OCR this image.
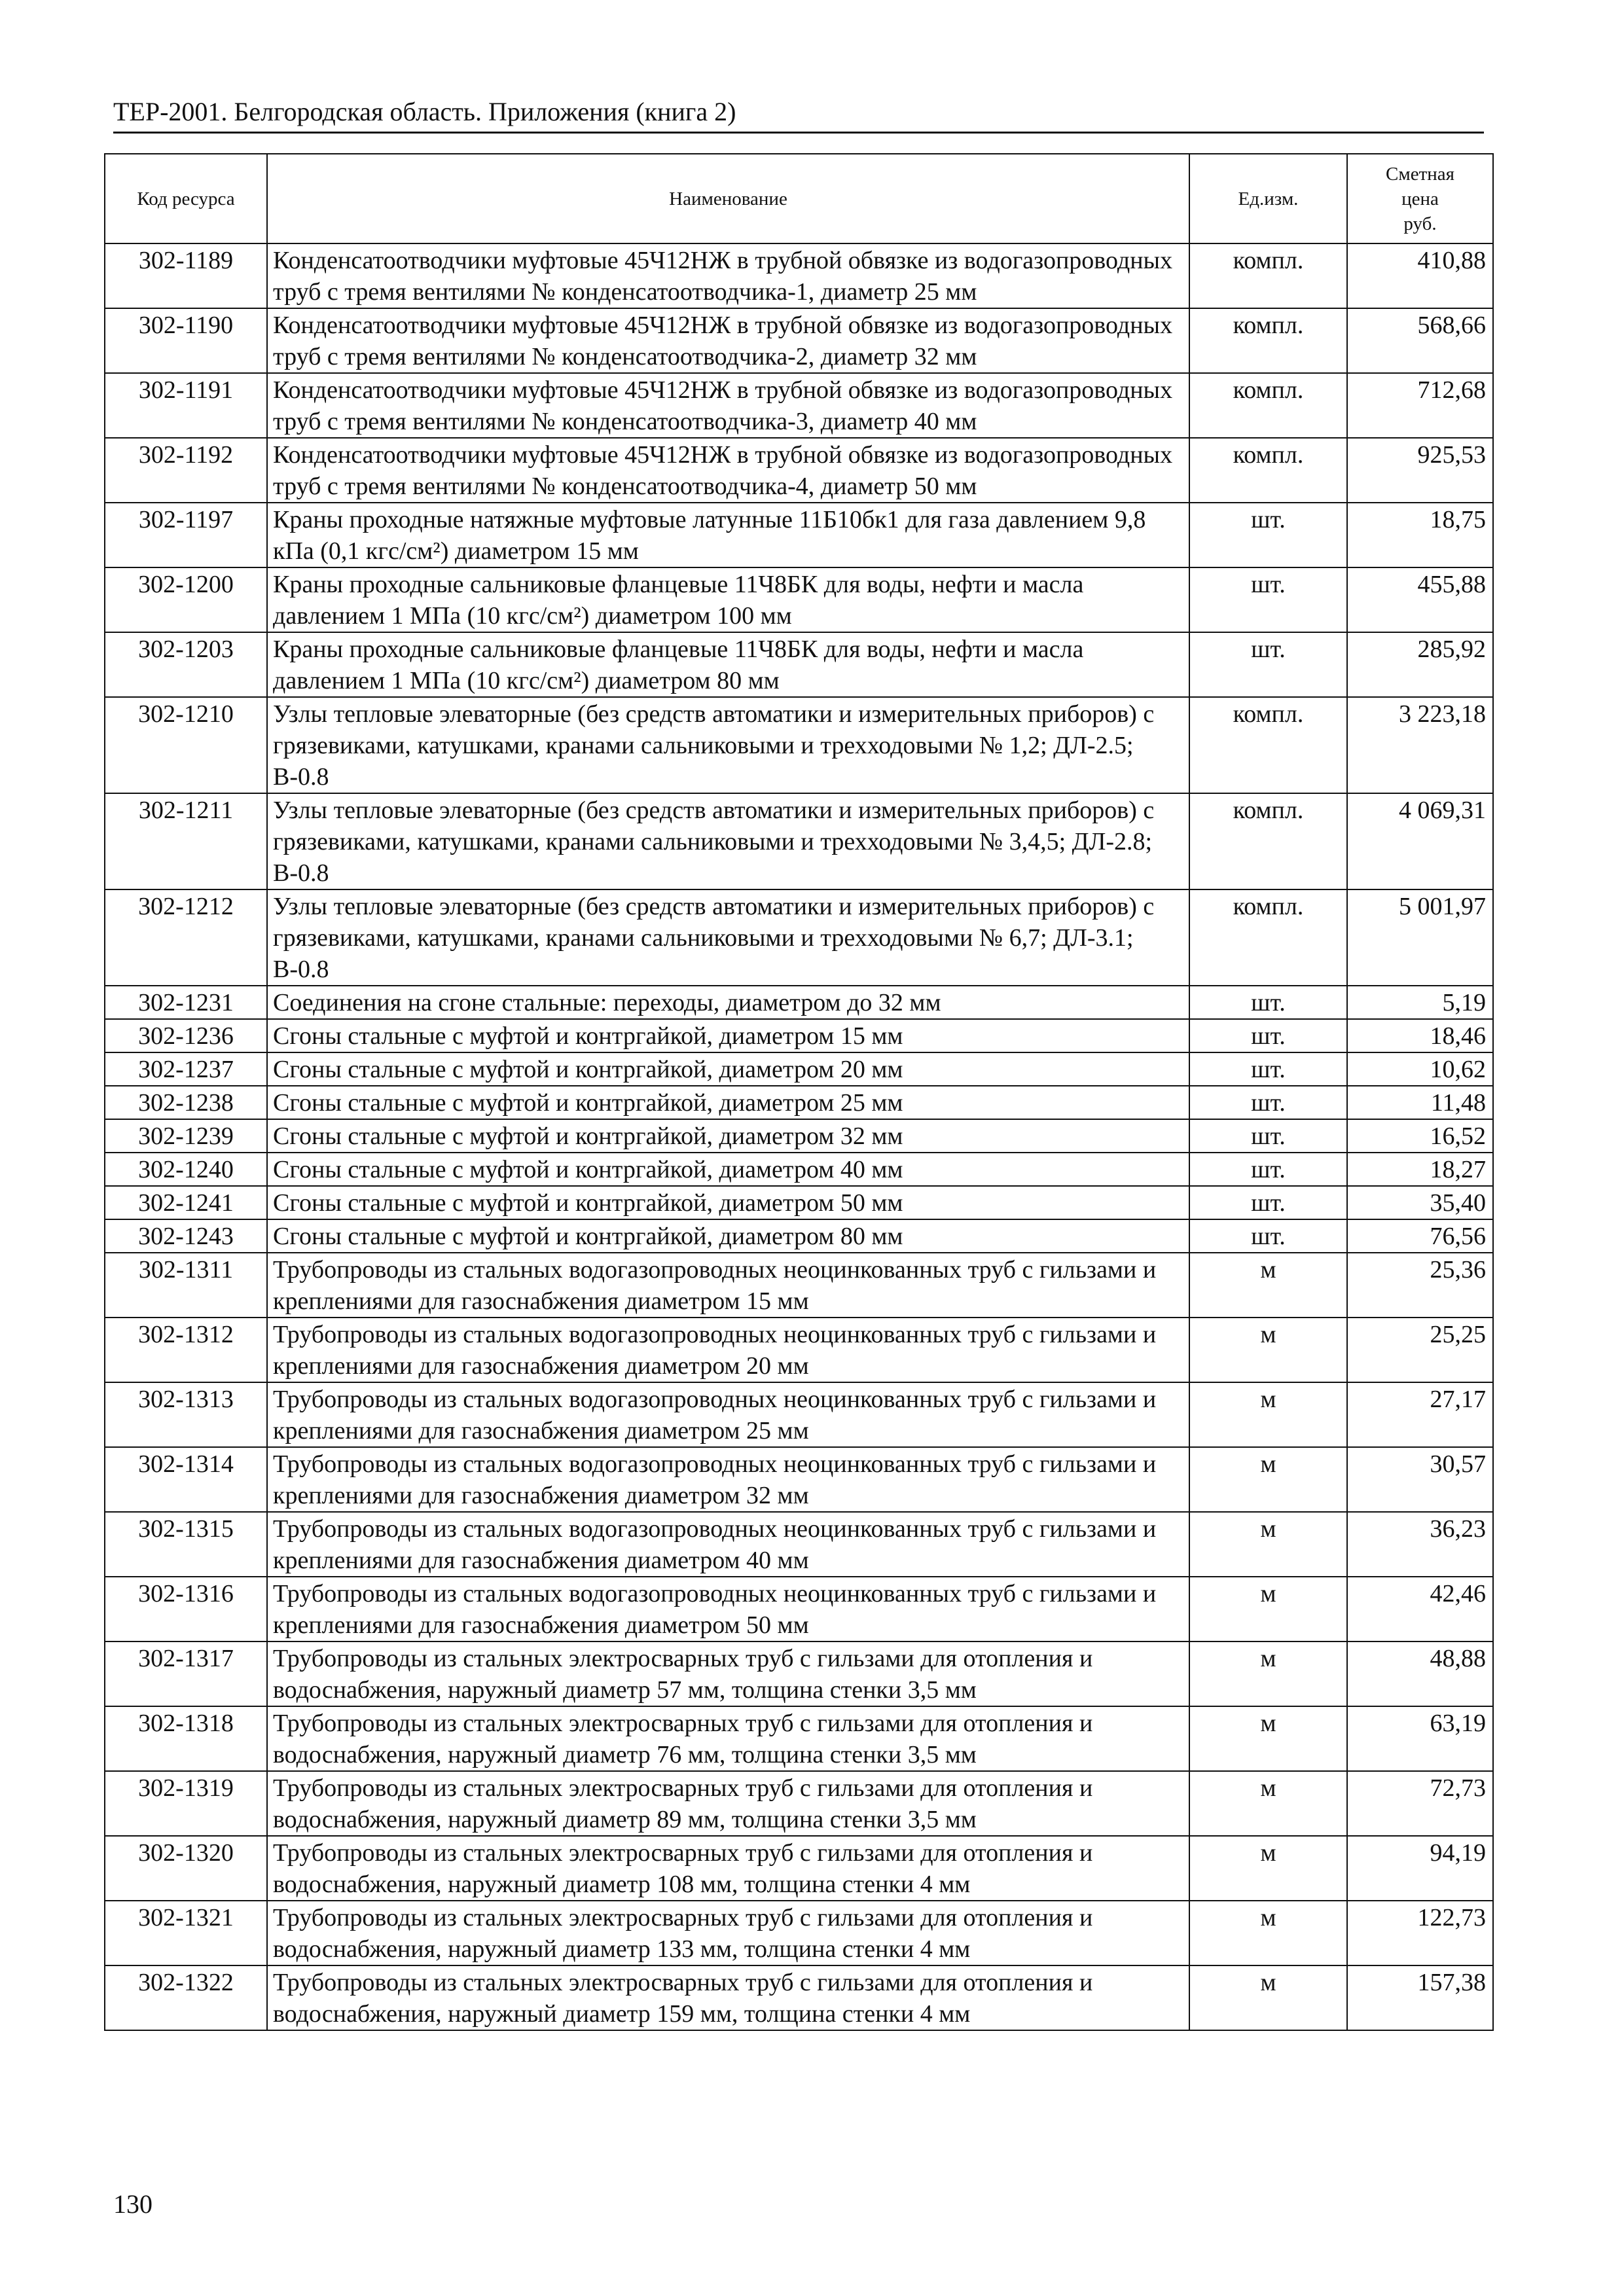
ТЕР-2001. Белгородская область. Приложения (книга 2)
Код ресурса	Наименование	Ед.изм.	Сметная
цена
руб.
302-1189	Конденсатоотводчики муфтовые 45Ч12НЖ в трубной обвязке из водогазопроводных труб с тремя вентилями № конденсатоотводчика-1, диаметр 25 мм	компл.	410,88
302-1190	Конденсатоотводчики муфтовые 45Ч12НЖ в трубной обвязке из водогазопроводных труб с тремя вентилями № конденсатоотводчика-2, диаметр 32 мм	компл.	568,66
302-1191	Конденсатоотводчики муфтовые 45Ч12НЖ в трубной обвязке из водогазопроводных труб с тремя вентилями № конденсатоотводчика-3, диаметр 40 мм	компл.	712,68
302-1192	Конденсатоотводчики муфтовые 45Ч12НЖ в трубной обвязке из водогазопроводных труб с тремя вентилями № конденсатоотводчика-4, диаметр 50 мм	компл.	925,53
302-1197	Краны проходные натяжные муфтовые латунные 11Б10бк1 для газа давлением 9,8 кПа (0,1 кгс/см²) диаметром 15 мм	шт.	18,75
302-1200	Краны проходные сальниковые фланцевые 11Ч8БК для воды, нефти и масла давлением 1 МПа (10 кгс/см²) диаметром 100 мм	шт.	455,88
302-1203	Краны проходные сальниковые фланцевые 11Ч8БК для воды, нефти и масла давлением 1 МПа (10 кгс/см²) диаметром 80 мм	шт.	285,92
302-1210	Узлы тепловые элеваторные (без средств автоматики и измерительных приборов) с грязевиками, катушками, кранами сальниковыми и трехходовыми № 1,2; ДЛ-2.5; В-0.8	компл.	3 223,18
302-1211	Узлы тепловые элеваторные (без средств автоматики и измерительных приборов) с грязевиками, катушками, кранами сальниковыми и трехходовыми № 3,4,5; ДЛ-2.8; В-0.8	компл.	4 069,31
302-1212	Узлы тепловые элеваторные (без средств автоматики и измерительных приборов) с грязевиками, катушками, кранами сальниковыми и трехходовыми № 6,7; ДЛ-3.1; В-0.8	компл.	5 001,97
302-1231	Соединения на сгоне стальные: переходы, диаметром до 32 мм	шт.	5,19
302-1236	Сгоны стальные с муфтой и контргайкой, диаметром 15 мм	шт.	18,46
302-1237	Сгоны стальные с муфтой и контргайкой, диаметром 20 мм	шт.	10,62
302-1238	Сгоны стальные с муфтой и контргайкой, диаметром 25 мм	шт.	11,48
302-1239	Сгоны стальные с муфтой и контргайкой, диаметром 32 мм	шт.	16,52
302-1240	Сгоны стальные с муфтой и контргайкой, диаметром 40 мм	шт.	18,27
302-1241	Сгоны стальные с муфтой и контргайкой, диаметром 50 мм	шт.	35,40
302-1243	Сгоны стальные с муфтой и контргайкой, диаметром 80 мм	шт.	76,56
302-1311	Трубопроводы из стальных водогазопроводных неоцинкованных труб с гильзами и креплениями для газоснабжения диаметром 15 мм	м	25,36
302-1312	Трубопроводы из стальных водогазопроводных неоцинкованных труб с гильзами и креплениями для газоснабжения диаметром 20 мм	м	25,25
302-1313	Трубопроводы из стальных водогазопроводных неоцинкованных труб с гильзами и креплениями для газоснабжения диаметром 25 мм	м	27,17
302-1314	Трубопроводы из стальных водогазопроводных неоцинкованных труб с гильзами и креплениями для газоснабжения диаметром 32 мм	м	30,57
302-1315	Трубопроводы из стальных водогазопроводных неоцинкованных труб с гильзами и креплениями для газоснабжения диаметром 40 мм	м	36,23
302-1316	Трубопроводы из стальных водогазопроводных неоцинкованных труб с гильзами и креплениями для газоснабжения диаметром 50 мм	м	42,46
302-1317	Трубопроводы из стальных электросварных труб с гильзами для отопления и водоснабжения, наружный диаметр 57 мм, толщина стенки 3,5 мм	м	48,88
302-1318	Трубопроводы из стальных электросварных труб с гильзами для отопления и водоснабжения, наружный диаметр 76 мм, толщина стенки 3,5 мм	м	63,19
302-1319	Трубопроводы из стальных электросварных труб с гильзами для отопления и водоснабжения, наружный диаметр 89 мм, толщина стенки 3,5 мм	м	72,73
302-1320	Трубопроводы из стальных электросварных труб с гильзами для отопления и водоснабжения, наружный диаметр 108 мм, толщина стенки 4 мм	м	94,19
302-1321	Трубопроводы из стальных электросварных труб с гильзами для отопления и водоснабжения, наружный диаметр 133 мм, толщина стенки 4 мм	м	122,73
302-1322	Трубопроводы из стальных электросварных труб с гильзами для отопления и водоснабжения, наружный диаметр 159 мм, толщина стенки 4 мм	м	157,38
130
